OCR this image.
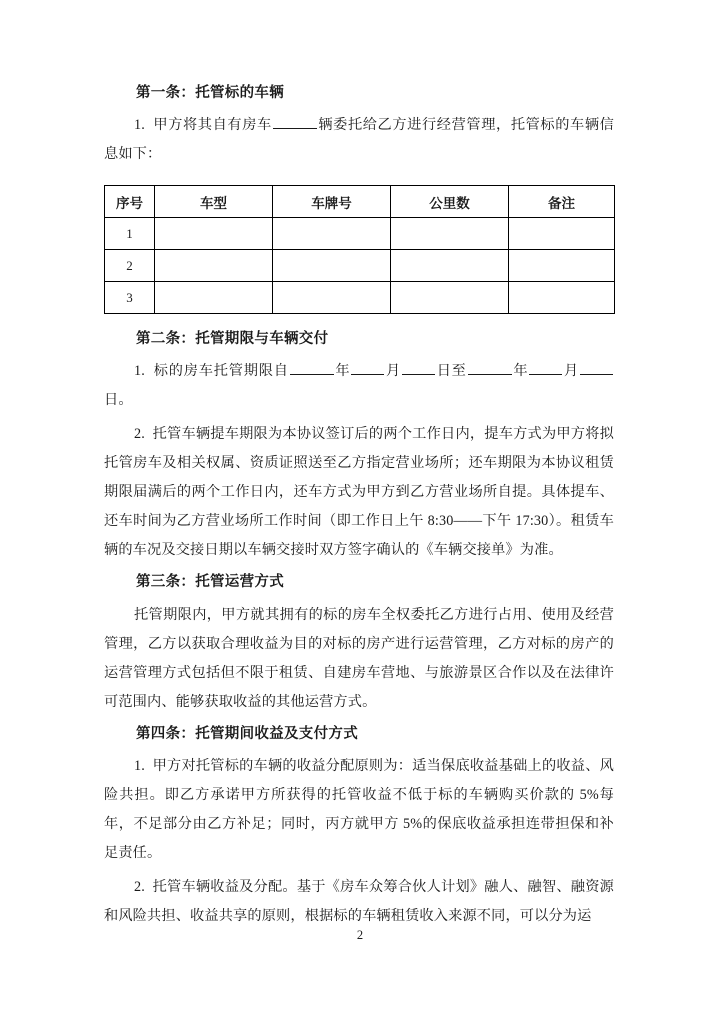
第一条：托管标的车辆

1. 甲方将其自有房车	辆委托给乙方进行经营管理，托管标的车辆信息如下：

序号	车型	车牌号	公里数	备注
1				
2				
3				

第二条：托管期限与车辆交付

1. 标的房车托管期限自	年 月 日至	年 月日。

2. 托管车辆提车期限为本协议签订后的两个工作日内，提车方式为甲方将拟托管房车及相关权属、资质证照送至乙方指定营业场所；还车期限为本协议租赁期限届满后的两个工作日内，还车方式为甲方到乙方营业场所自提。具体提车、还车时间为乙方营业场所工作时间（即工作日上午 8:30——下午 17:30）。租赁车辆的车况及交接日期以车辆交接时双方签字确认的《车辆交接单》为准。

第三条：托管运营方式

托管期限内，甲方就其拥有的标的房车全权委托乙方进行占用、使用及经营管理，乙方以获取合理收益为目的对标的房产进行运营管理，乙方对标的房产的运营管理方式包括但不限于租赁、自建房车营地、与旅游景区合作以及在法律许可范围内、能够获取收益的其他运营方式。

第四条：托管期间收益及支付方式

1. 甲方对托管标的车辆的收益分配原则为：适当保底收益基础上的收益、风险共担。即乙方承诺甲方所获得的托管收益不低于标的车辆购买价款的 5%每年，不足部分由乙方补足；同时，丙方就甲方 5%的保底收益承担连带担保和补足责任。

2. 托管车辆收益及分配。基于《房车众筹合伙人计划》融人、融智、融资源和风险共担、收益共享的原则，根据标的车辆租赁收入来源不同，可以分为运

2
